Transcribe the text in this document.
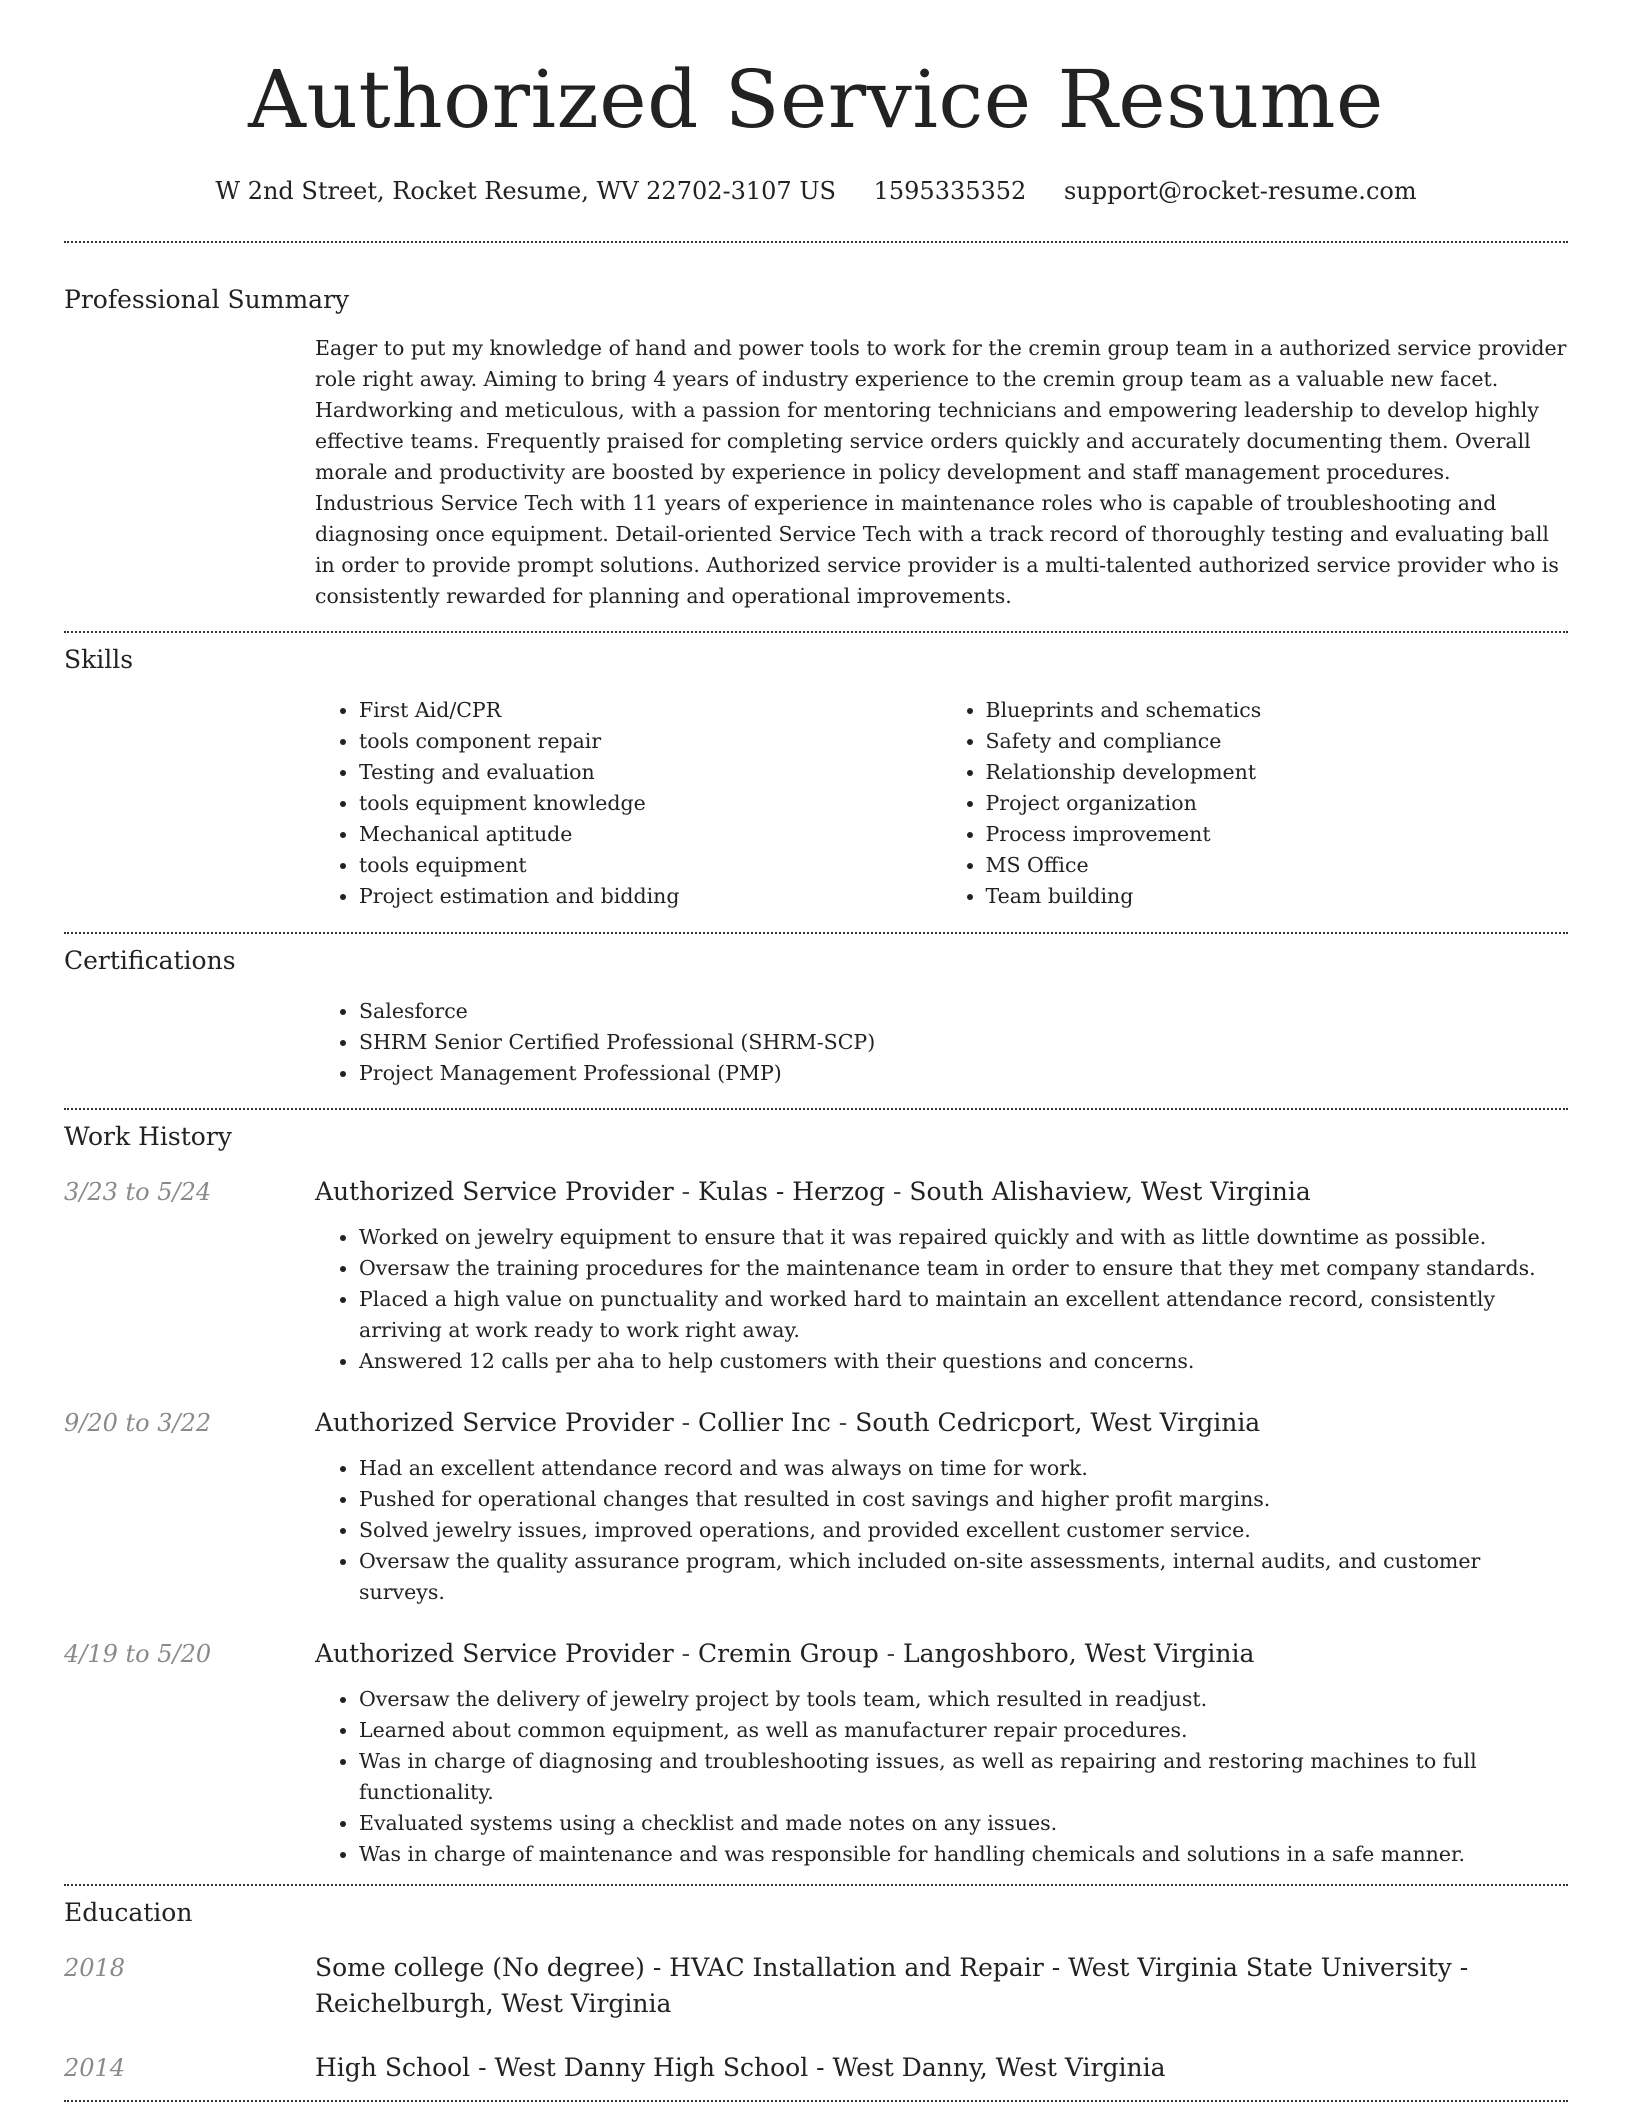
Authorized Service Resume
W 2nd Street, Rocket Resume, WV 22702-3107 US 1595335352 support@rocket-resume.com
Professional Summary
Eager to put my knowledge of hand and power tools to work for the cremin group team in a authorized service provider role right away. Aiming to bring 4 years of industry experience to the cremin group team as a valuable new facet. Hardworking and meticulous, with a passion for mentoring technicians and empowering leadership to develop highly effective teams. Frequently praised for completing service orders quickly and accurately documenting them. Overall morale and productivity are boosted by experience in policy development and staff management procedures. Industrious Service Tech with 11 years of experience in maintenance roles who is capable of troubleshooting and diagnosing once equipment. Detail-oriented Service Tech with a track record of thoroughly testing and evaluating ball in order to provide prompt solutions. Authorized service provider is a multi-talented authorized service provider who is consistently rewarded for planning and operational improvements.
Skills
• First Aid/CPR
• tools component repair
• Testing and evaluation
• tools equipment knowledge
• Mechanical aptitude
• tools equipment
• Project estimation and bidding
• Blueprints and schematics
• Safety and compliance
• Relationship development
• Project organization
• Process improvement
• MS Office
• Team building
Certifications
• Salesforce
• SHRM Senior Certified Professional (SHRM-SCP)
• Project Management Professional (PMP)
Work History
3/23 to 5/24	Authorized Service Provider - Kulas - Herzog - South Alishaview, West Virginia
• Worked on jewelry equipment to ensure that it was repaired quickly and with as little downtime as possible.
• Oversaw the training procedures for the maintenance team in order to ensure that they met company standards.
• Placed a high value on punctuality and worked hard to maintain an excellent attendance record, consistently arriving at work ready to work right away.
• Answered 12 calls per aha to help customers with their questions and concerns.
9/20 to 3/22	Authorized Service Provider - Collier Inc - South Cedricport, West Virginia
• Had an excellent attendance record and was always on time for work.
• Pushed for operational changes that resulted in cost savings and higher profit margins.
• Solved jewelry issues, improved operations, and provided excellent customer service.
• Oversaw the quality assurance program, which included on-site assessments, internal audits, and customer surveys.
4/19 to 5/20	Authorized Service Provider - Cremin Group - Langoshboro, West Virginia
• Oversaw the delivery of jewelry project by tools team, which resulted in readjust.
• Learned about common equipment, as well as manufacturer repair procedures.
• Was in charge of diagnosing and troubleshooting issues, as well as repairing and restoring machines to full functionality.
• Evaluated systems using a checklist and made notes on any issues.
• Was in charge of maintenance and was responsible for handling chemicals and solutions in a safe manner.
Education
2018	Some college (No degree) - HVAC Installation and Repair - West Virginia State University - Reichelburgh, West Virginia
2014	High School - West Danny High School - West Danny, West Virginia
